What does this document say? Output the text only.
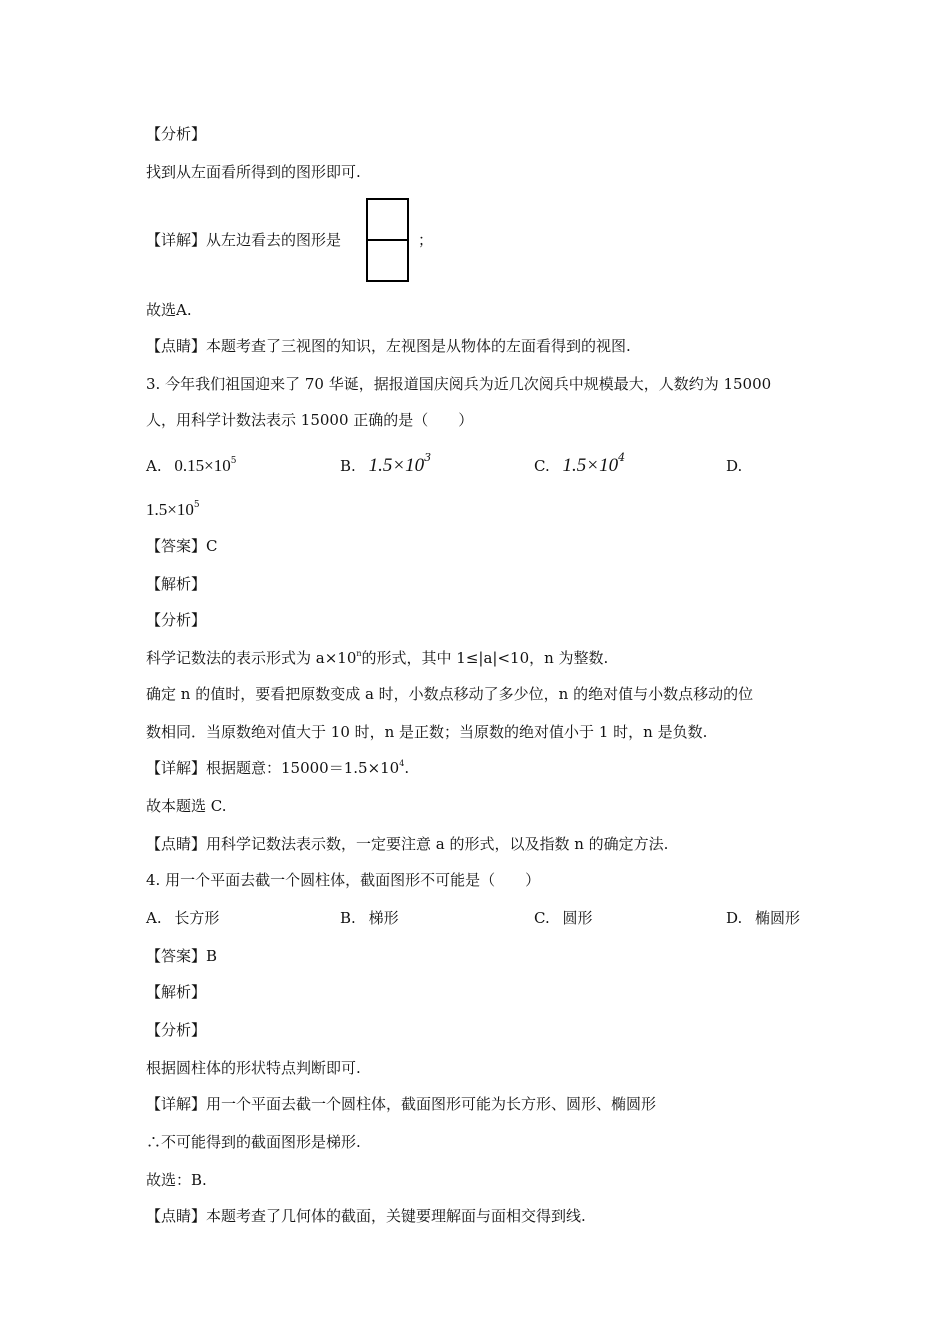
【分析】
找到从左面看所得到的图形即可.
【详解】从左边看去的图形是	；
故选A.
【点睛】本题考查了三视图的知识，左视图是从物体的左面看得到的视图.
3. 今年我们祖国迎来了 70 华诞，据报道国庆阅兵为近几次阅兵中规模最大，人数约为 15000
人，用科学计数法表示 15000 正确的是（　　）
A. $0.15\times 10^5$	B. $1.5\times 10^3$	C. $1.5\times 10^4$	D.
$1.5\times 10^5$
【答案】C
【解析】
【分析】
科学记数法的表示形式为 $a\times 10^n$的形式，其中 1≤|a|<10，n 为整数.
确定 n 的值时，要看把原数变成 a 时，小数点移动了多少位，n 的绝对值与小数点移动的位
数相同．当原数绝对值大于 10 时，n 是正数；当原数的绝对值小于 1 时，n 是负数.
【详解】根据题意：$15000=1.5\times 10^4$.
故本题选 C.
【点睛】用科学记数法表示数，一定要注意 a 的形式，以及指数 n 的确定方法.
4. 用一个平面去截一个圆柱体，截面图形不可能是（　　）
A. 长方形	B. 梯形	C. 圆形	D. 椭圆形
【答案】B
【解析】
【分析】
根据圆柱体的形状特点判断即可.
【详解】用一个平面去截一个圆柱体，截面图形可能为长方形、圆形、椭圆形
∴不可能得到的截面图形是梯形.
故选：B.
【点睛】本题考查了几何体的截面，关键要理解面与面相交得到线.
